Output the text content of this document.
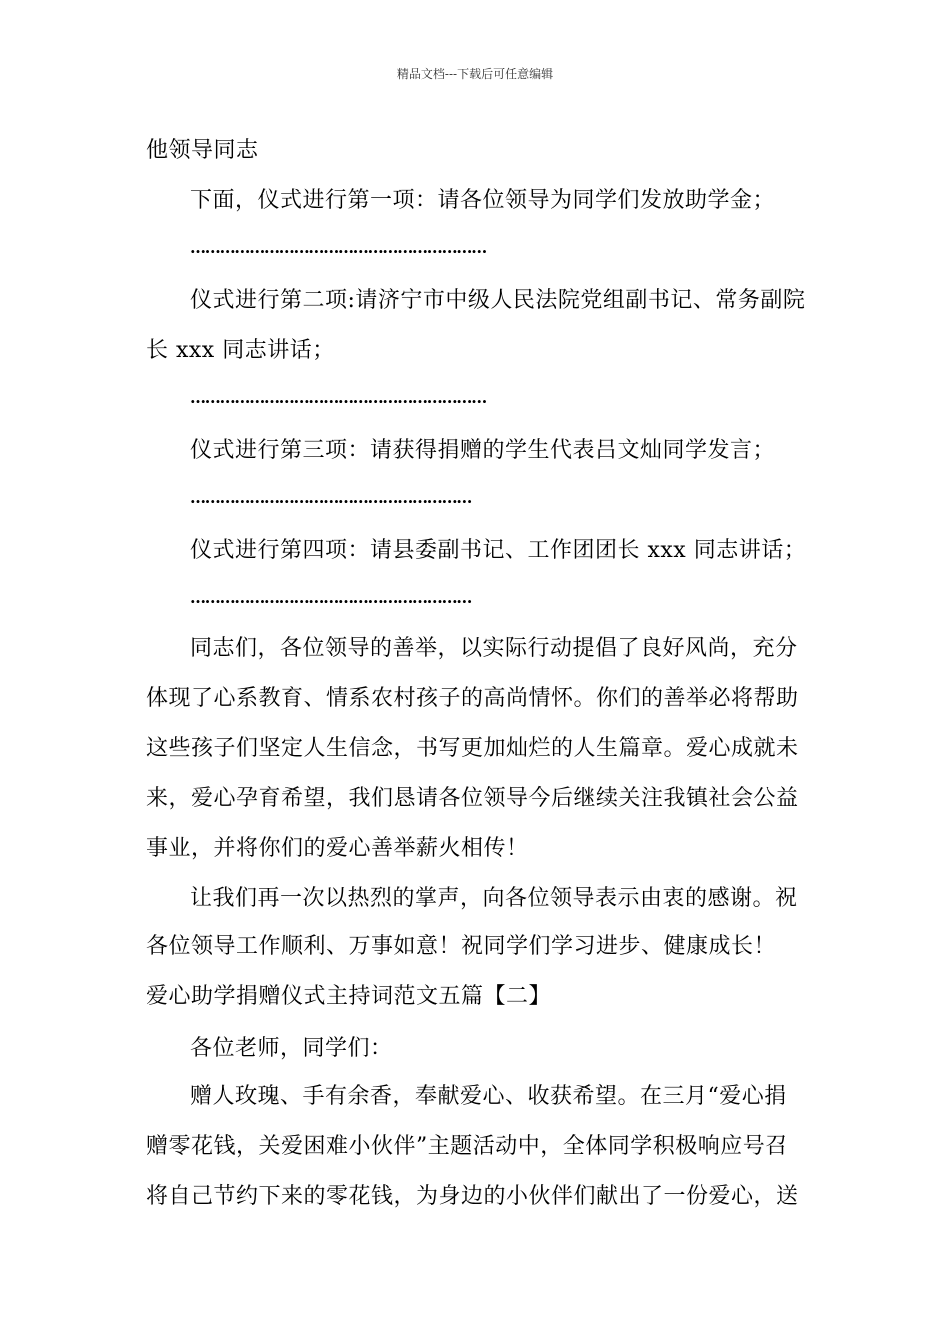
精品文档---下载后可任意编辑
他领导同志
下面，仪式进行第一项：请各位领导为同学们发放助学金；
……………………………………………………
仪式进行第二项:请济宁市中级人民法院党组副书记、常务副院
长 xxx 同志讲话；
……………………………………………………
仪式进行第三项：请获得捐赠的学生代表吕文灿同学发言；
…………………………………………………
仪式进行第四项：请县委副书记、工作团团长 xxx 同志讲话；
…………………………………………………
同志们，各位领导的善举，以实际行动提倡了良好风尚，充分
体现了心系教育、情系农村孩子的高尚情怀。你们的善举必将帮助
这些孩子们坚定人生信念，书写更加灿烂的人生篇章。爱心成就未
来，爱心孕育希望，我们恳请各位领导今后继续关注我镇社会公益
事业，并将你们的爱心善举薪火相传！
让我们再一次以热烈的掌声，向各位领导表示由衷的感谢。祝
各位领导工作顺利、万事如意！祝同学们学习进步、健康成长！
爱心助学捐赠仪式主持词范文五篇【二】
各位老师，同学们：
赠人玫瑰、手有余香，奉献爱心、收获希望。在三月“爱心捐
赠零花钱，关爱困难小伙伴”主题活动中，全体同学积极响应号召
将自己节约下来的零花钱，为身边的小伙伴们献出了一份爱心，送
